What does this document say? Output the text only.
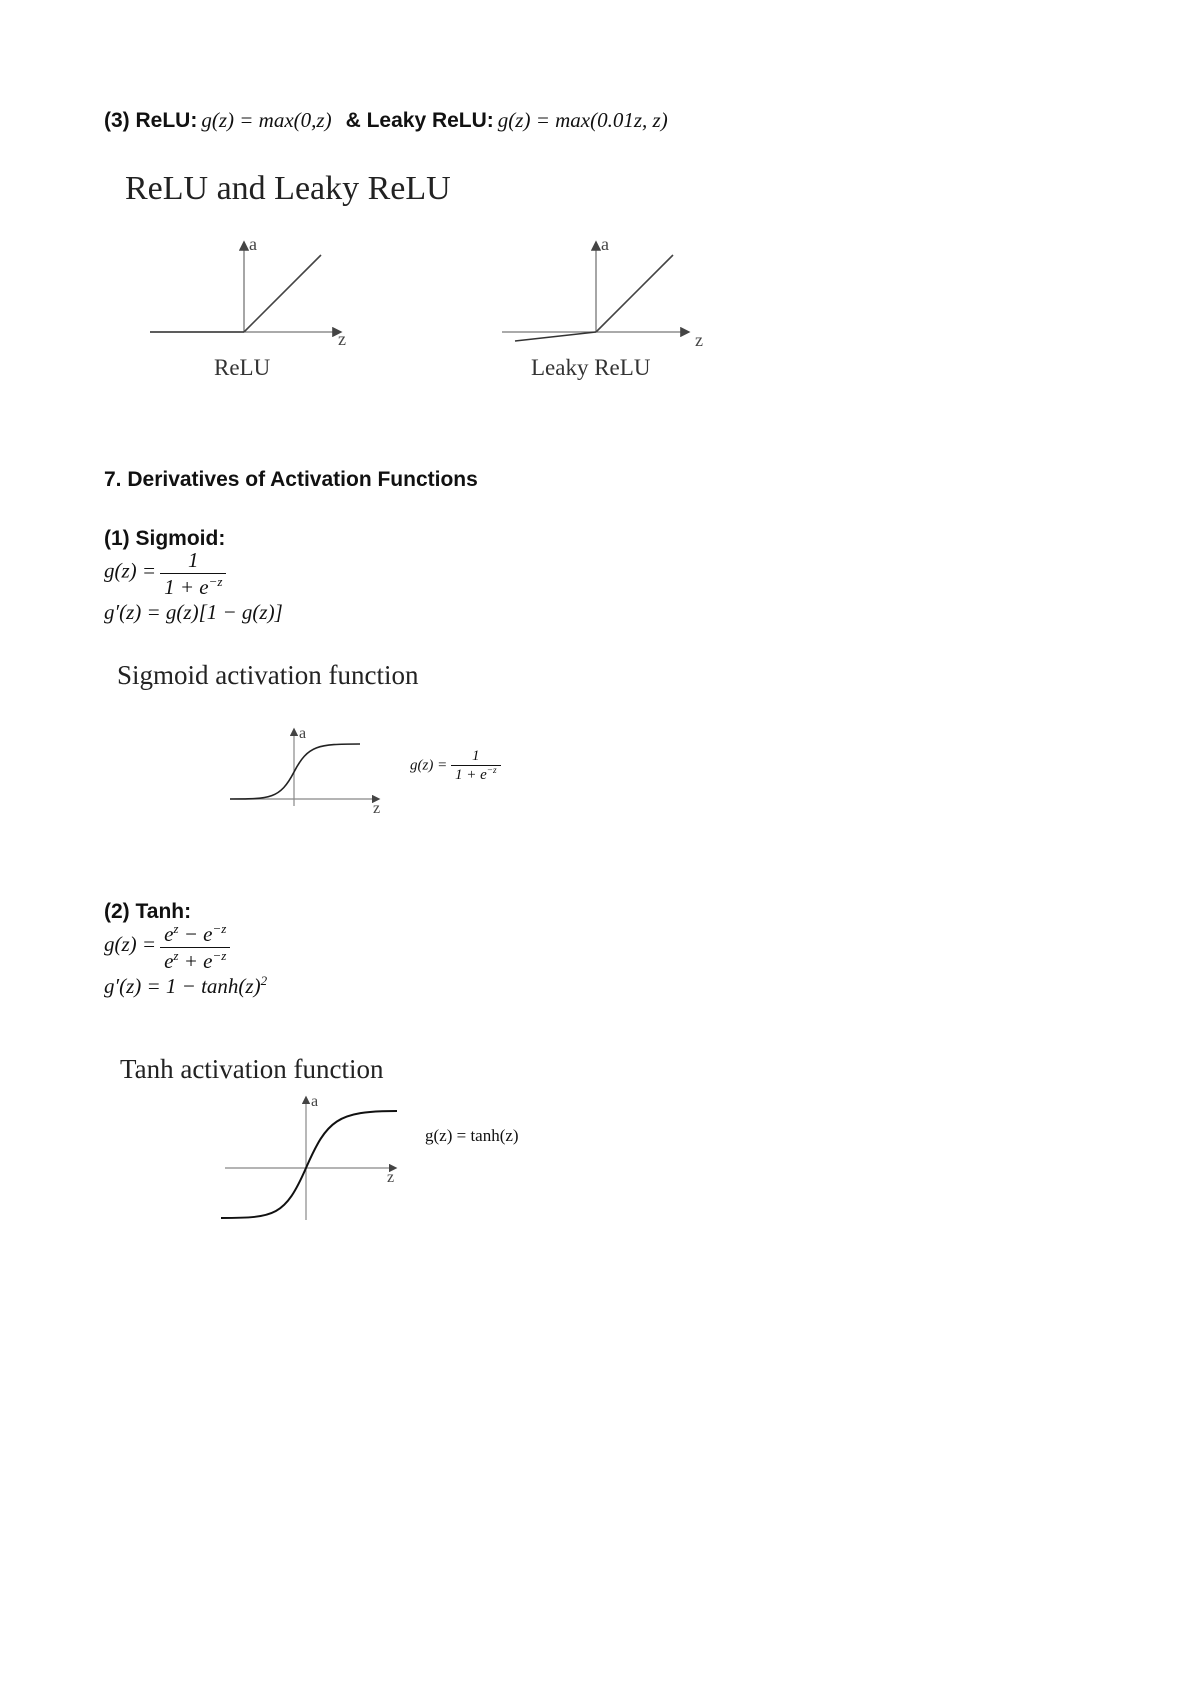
(3) ReLU: g(z) = max(0,z) & Leaky ReLU: g(z) = max(0.01z, z)
ReLU and Leaky ReLU
a
z
a
z
ReLU	Leaky ReLU
7. Derivatives of Activation Functions
(1) Sigmoid:
$g(z) = \frac{1}{1 + e^{-z}}$
g′(z) = g(z)[1 − g(z)]
Sigmoid activation function
a
z
$g(z) = \frac{1}{1 + e^{-z}}$
(2) Tanh:
$g(z) = \frac{e^z - e^{-z}}{e^z + e^{-z}}$
$g'(z) = 1 - \tanh(z)^2$
Tanh activation function
a
z
g(z) = tanh(z)
